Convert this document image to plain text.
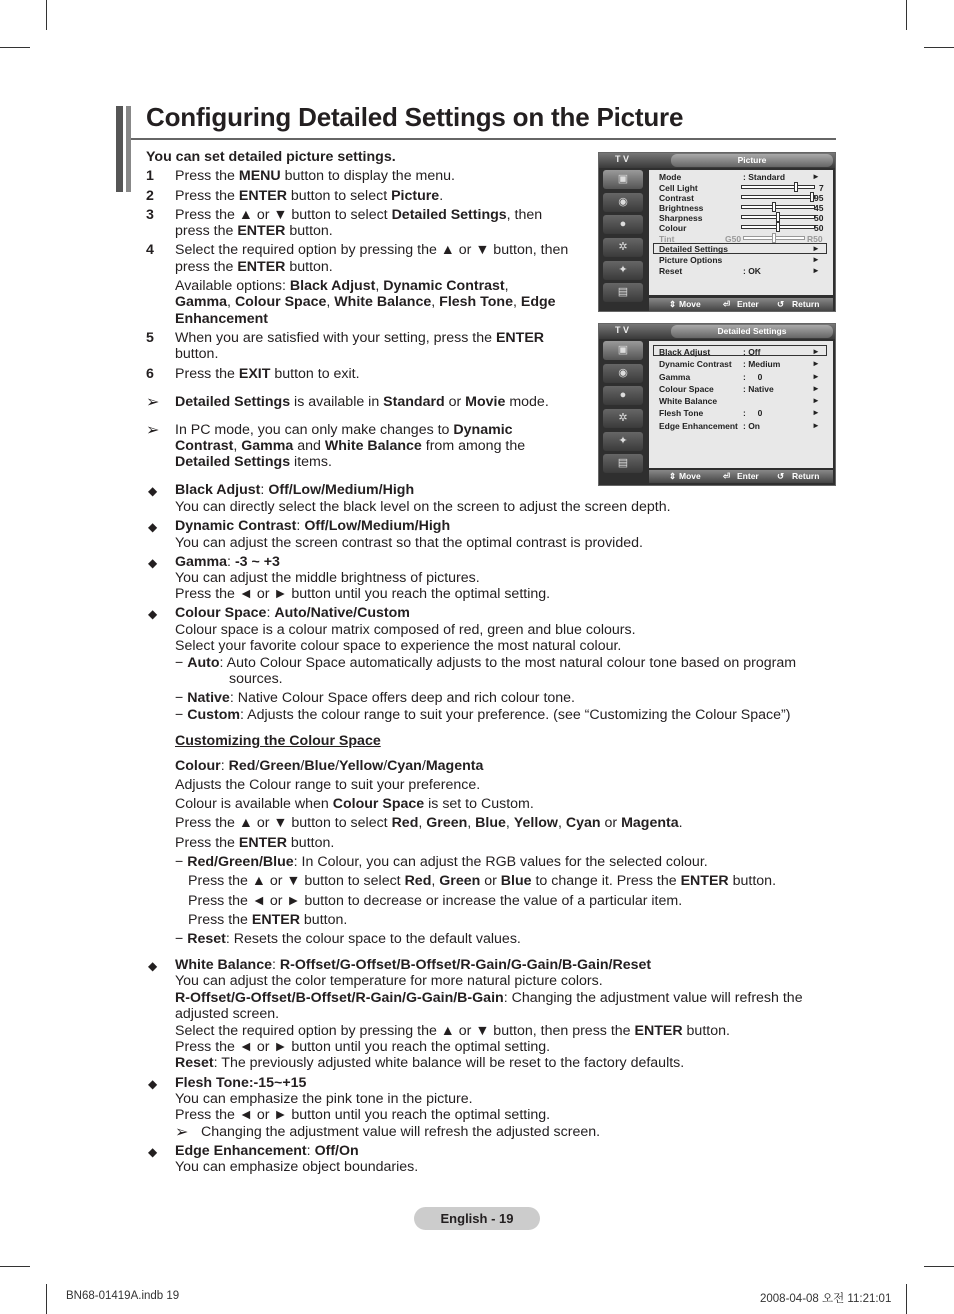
Configuring Detailed Settings on the Picture
You can set detailed picture settings.
1 Press the MENU button to display the menu.
2 Press the ENTER button to select Picture.
3 Press the ▲ or ▼ button to select Detailed Settings, then
press the ENTER button.
4 Select the required option by pressing the ▲ or ▼ button, then
press the ENTER button.
Available options: Black Adjust, Dynamic Contrast,
Gamma, Colour Space, White Balance, Flesh Tone, Edge
Enhancement
5 When you are satisfied with your setting, press the ENTER
button.
6 Press the EXIT button to exit.
➢ Detailed Settings is available in Standard or Movie mode.
➢ In PC mode, you can only make changes to Dynamic
Contrast, Gamma and White Balance from among the
Detailed Settings items.
T V	Picture
▣
◉
●
✲
✦
▤
Mode	: Standard	►
Cell Light	7
Contrast	95
Brightness	45
Sharpness	50
Colour	50
Tint	G50	R50
Detailed Settings	►
Picture Options	►
Reset	: OK	►
⇕ Move	⏎ Enter ↺ Return
T V	Detailed Settings
▣
◉
●
✲
✦
▤
Black Adjust	: Off	►
Dynamic Contrast : Medium	►
Gamma	:     0	►
Colour Space	: Native	►
White Balance	►
Flesh Tone	:     0	►
Edge Enhancement : On	►
⇕ Move	⏎ Enter ↺ Return
◆ Black Adjust: Off/Low/Medium/High
You can directly select the black level on the screen to adjust the screen depth.
◆ Dynamic Contrast: Off/Low/Medium/High
You can adjust the screen contrast so that the optimal contrast is provided.
◆ Gamma: -3 ~ +3
You can adjust the middle brightness of pictures.
Press the ◄ or ► button until you reach the optimal setting.
◆ Colour Space: Auto/Native/Custom
Colour space is a colour matrix composed of red, green and blue colours.
Select your favorite colour space to experience the most natural colour.
− Auto: Auto Colour Space automatically adjusts to the most natural colour tone based on program
sources.
− Native: Native Colour Space offers deep and rich colour tone.
− Custom: Adjusts the colour range to suit your preference. (see “Customizing the Colour Space”)
Customizing the Colour Space
Colour: Red/Green/Blue/Yellow/Cyan/Magenta
Adjusts the Colour range to suit your preference.
Colour is available when Colour Space is set to Custom.
Press the ▲ or ▼ button to select Red, Green, Blue, Yellow, Cyan or Magenta.
Press the ENTER button.
− Red/Green/Blue: In Colour, you can adjust the RGB values for the selected colour.
Press the ▲ or ▼ button to select Red, Green or Blue to change it. Press the ENTER button.
Press the ◄ or ► button to decrease or increase the value of a particular item.
Press the ENTER button.
− Reset: Resets the colour space to the default values.
◆ White Balance: R-Offset/G-Offset/B-Offset/R-Gain/G-Gain/B-Gain/Reset
You can adjust the color temperature for more natural picture colors.
R-Offset/G-Offset/B-Offset/R-Gain/G-Gain/B-Gain: Changing the adjustment value will refresh the
adjusted screen.
Select the required option by pressing the ▲ or ▼ button, then press the ENTER button.
Press the ◄ or ► button until you reach the optimal setting.
Reset: The previously adjusted white balance will be reset to the factory defaults.
◆ Flesh Tone:-15~+15
You can emphasize the pink tone in the picture.
Press the ◄ or ► button until you reach the optimal setting.
➢ Changing the adjustment value will refresh the adjusted screen.
◆ Edge Enhancement: Off/On
You can emphasize object boundaries.
English - 19
BN68-01419A.indb 19	2008-04-08 오전 11:21:01
